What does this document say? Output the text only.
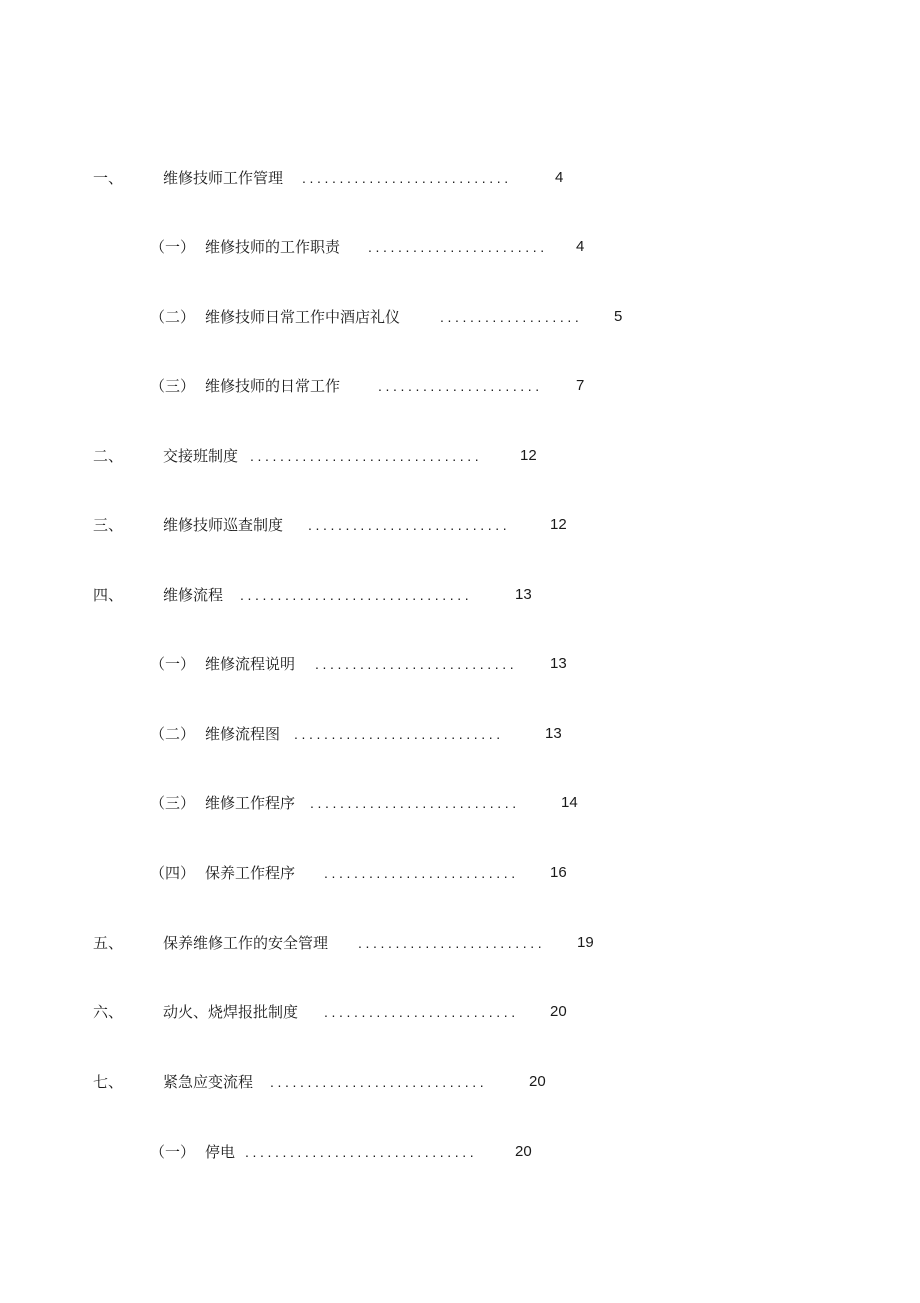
一、	维修技师工作管理 ............................	4
（一） 维修技师的工作职责 ........................ 4
（二） 维修技师日常工作中酒店礼仪	................... 5
（三） 维修技师的日常工作	...................... 7
二、	交接班制度 ...............................	12
三、	维修技师巡查制度 ...........................	12
四、	维修流程 ...............................	13
（一） 维修流程说明 ........................... 13
（二） 维修流程图 ............................	13
（三） 维修工作程序 ............................	14
（四） 保养工作程序 .......................... 16
五、	保养维修工作的安全管理 ......................... 19
六、	动火、烧焊报批制度 .......................... 20
七、	紧急应变流程 .............................	20
（一） 停电 ...............................	20
